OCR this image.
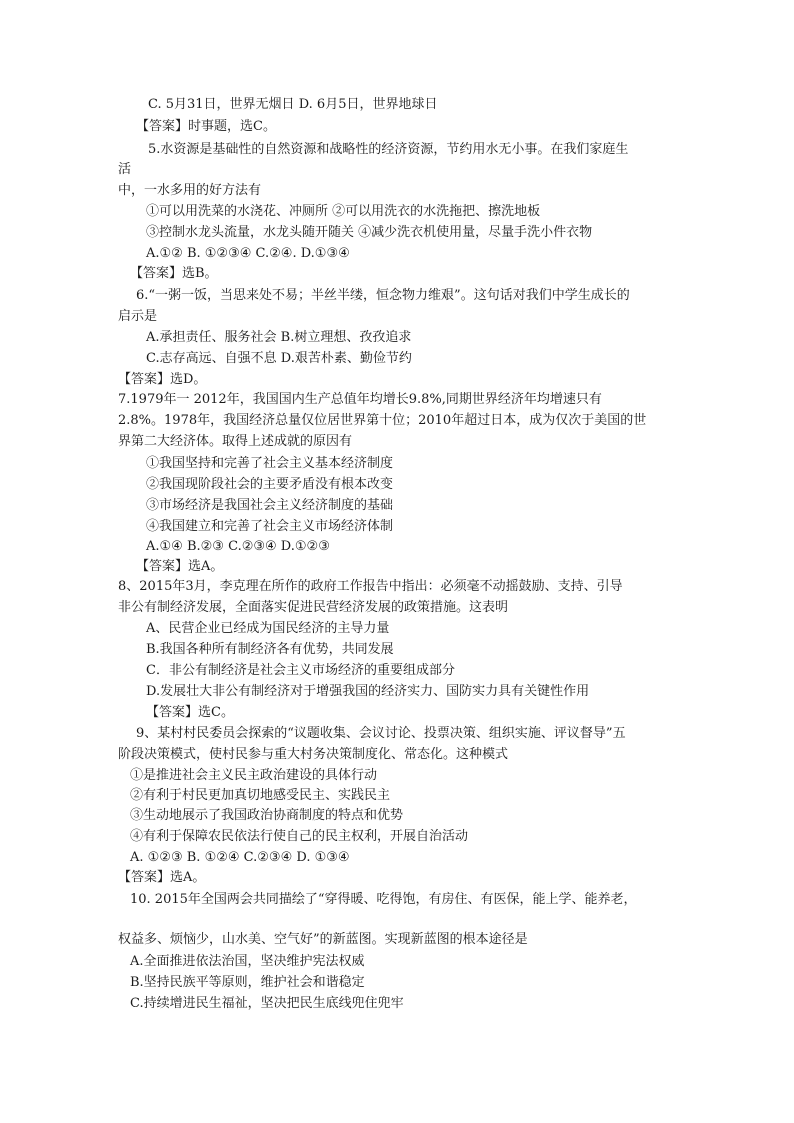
C. 5月31日，世界无烟日 D. 6月5日，世界地球日
【答案】时事题，选C。
5.水资源是基础性的自然资源和战略性的经济资源，节约用水无小事。在我们家庭生
活
中，一水多用的好方法有
①可以用洗菜的水浇花、冲厕所 ②可以用洗衣的水洗拖把、擦洗地板
③控制水龙头流量，水龙头随开随关 ④减少洗衣机使用量，尽量手洗小件衣物
A.①② B. ①②③④ C.②④. D.①③④
【答案】选B。
6.“一粥一饭，当思来处不易；半丝半缕，恒念物力维艰”。这句话对我们中学生成长的
启示是
A.承担责任、服务社会 B.树立理想、孜孜追求
C.志存高远、自强不息 D.艰苦朴素、勤俭节约
【答案】选D。
7.1979年一 2012年，我国国内生产总值年均增长9.8%,同期世界经济年均增速只有
2.8%。1978年，我国经济总量仅位居世界第十位；2010年超过日本，成为仅次于美国的世
界第二大经济体。取得上述成就的原因有
①我国坚持和完善了社会主义基本经济制度
②我国现阶段社会的主要矛盾没有根本改变
③市场经济是我国社会主义经济制度的基础
④我国建立和完善了社会主义市场经济体制
A.①④ B.②③ C.②③④ D.①②③
【答案】选A。
8、2015年3月，李克理在所作的政府工作报告中指出：必须毫不动摇鼓励、支持、引导
非公有制经济发展，全面落实促进民营经济发展的政策措施。这表明
A、民营企业已经成为国民经济的主导力量
B.我国各种所有制经济各有优势，共同发展
C．非公有制经济是社会主义市场经济的重要组成部分
D.发展壮大非公有制经济对于增强我国的经济实力、国防实力具有关键性作用
【答案】选C。
9、某村村民委员会探索的“议题收集、会议讨论、投票决策、组织实施、评议督导”五
阶段决策模式，使村民参与重大村务决策制度化、常态化。这种模式
①是推进社会主义民主政治建设的具体行动
②有利于村民更加真切地感受民主、实践民主
③生动地展示了我国政治协商制度的特点和优势
④有利于保障农民依法行使自己的民主权利，开展自治活动
A. ①②③ B. ①②④ C.②③④ D. ①③④
【答案】选A。
10. 2015年全国两会共同描绘了“穿得暖、吃得饱，有房住、有医保，能上学、能养老，
权益多、烦恼少，山水美、空气好”的新蓝图。实现新蓝图的根本途径是
A.全面推进依法治国，坚决维护宪法权威
B.坚持民族平等原则，维护社会和谐稳定
C.持续增进民生福祉，坚决把民生底线兜住兜牢
